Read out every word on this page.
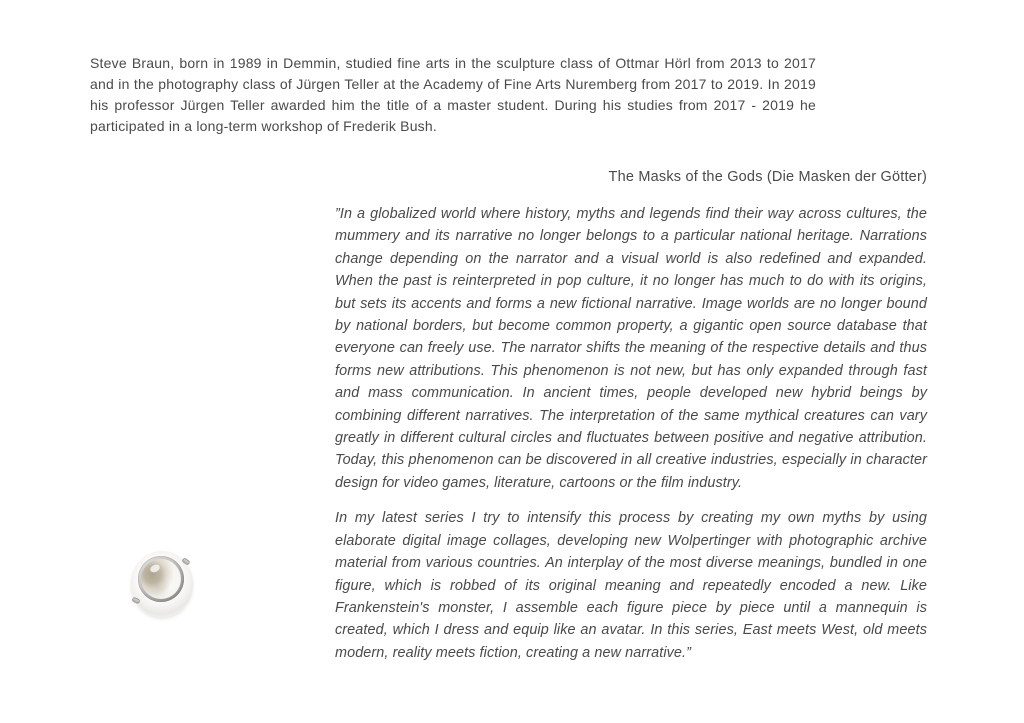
Steve Braun, born in 1989 in Demmin, studied fine arts in the sculpture class of Ottmar Hörl from 2013 to 2017 and in the photography class of Jürgen Teller at the Academy of Fine Arts Nuremberg from 2017 to 2019. In 2019 his professor Jürgen Teller awarded him the title of a master student. During his studies from 2017 - 2019 he participated in a long-term workshop of Frederik Bush.

The Masks of the Gods (Die Masken der Götter)

”In a globalized world where history, myths and legends find their way across cultures, the mummery and its narrative no longer belongs to a particular national heritage. Narrations change depending on the narrator and a visual world is also redefined and expanded. When the past is reinterpreted in pop culture, it no longer has much to do with its origins, but sets its accents and forms a new fictional narrative. Image worlds are no longer bound by national borders, but become common property, a gigantic open source database that everyone can freely use. The narrator shifts the meaning of the respective details and thus forms new attributions. This phenomenon is not new, but has only expanded through fast and mass communication. In ancient times, people developed new hybrid beings by combining different narratives. The interpretation of the same mythical creatures can vary greatly in different cultural circles and fluctuates between positive and negative attribution. Today, this phenomenon can be discovered in all creative industries, especially in character design for video games, literature, cartoons or the film industry.

In my latest series I try to intensify this process by creating my own myths by using elaborate digital image collages, developing new Wolpertinger with photographic archive material from various countries. An interplay of the most diverse meanings, bundled in one figure, which is robbed of its original meaning and repeatedly encoded a new. Like Frankenstein's monster, I assemble each figure piece by piece until a mannequin is created, which I dress and equip like an avatar. In this series, East meets West, old meets modern, reality meets fiction, creating a new narrative.”
